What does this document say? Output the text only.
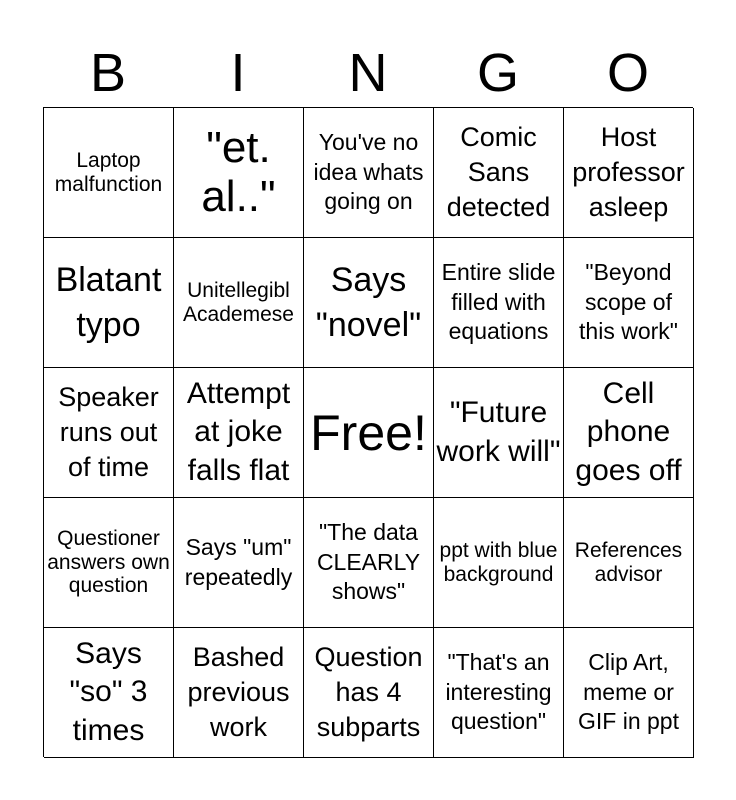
B	I	N	G	O
Laptop malfunction
"et. al.."
You've no idea whats going on
Comic Sans detected
Host professor asleep
Blatant typo
Unitellegibl Academese
Says "novel"
Entire slide filled with equations
"Beyond scope of this work"
Speaker runs out of time
Attempt at joke falls flat
Free! "Future work will"
Cell phone goes off
Questioner answers own question
Says "um" repeatedly
"The data CLEARLY shows"
ppt with blue background
References advisor
Says "so" 3 times
Bashed previous work
Question has 4 subparts
"That's an interesting question"
Clip Art, meme or GIF in ppt
